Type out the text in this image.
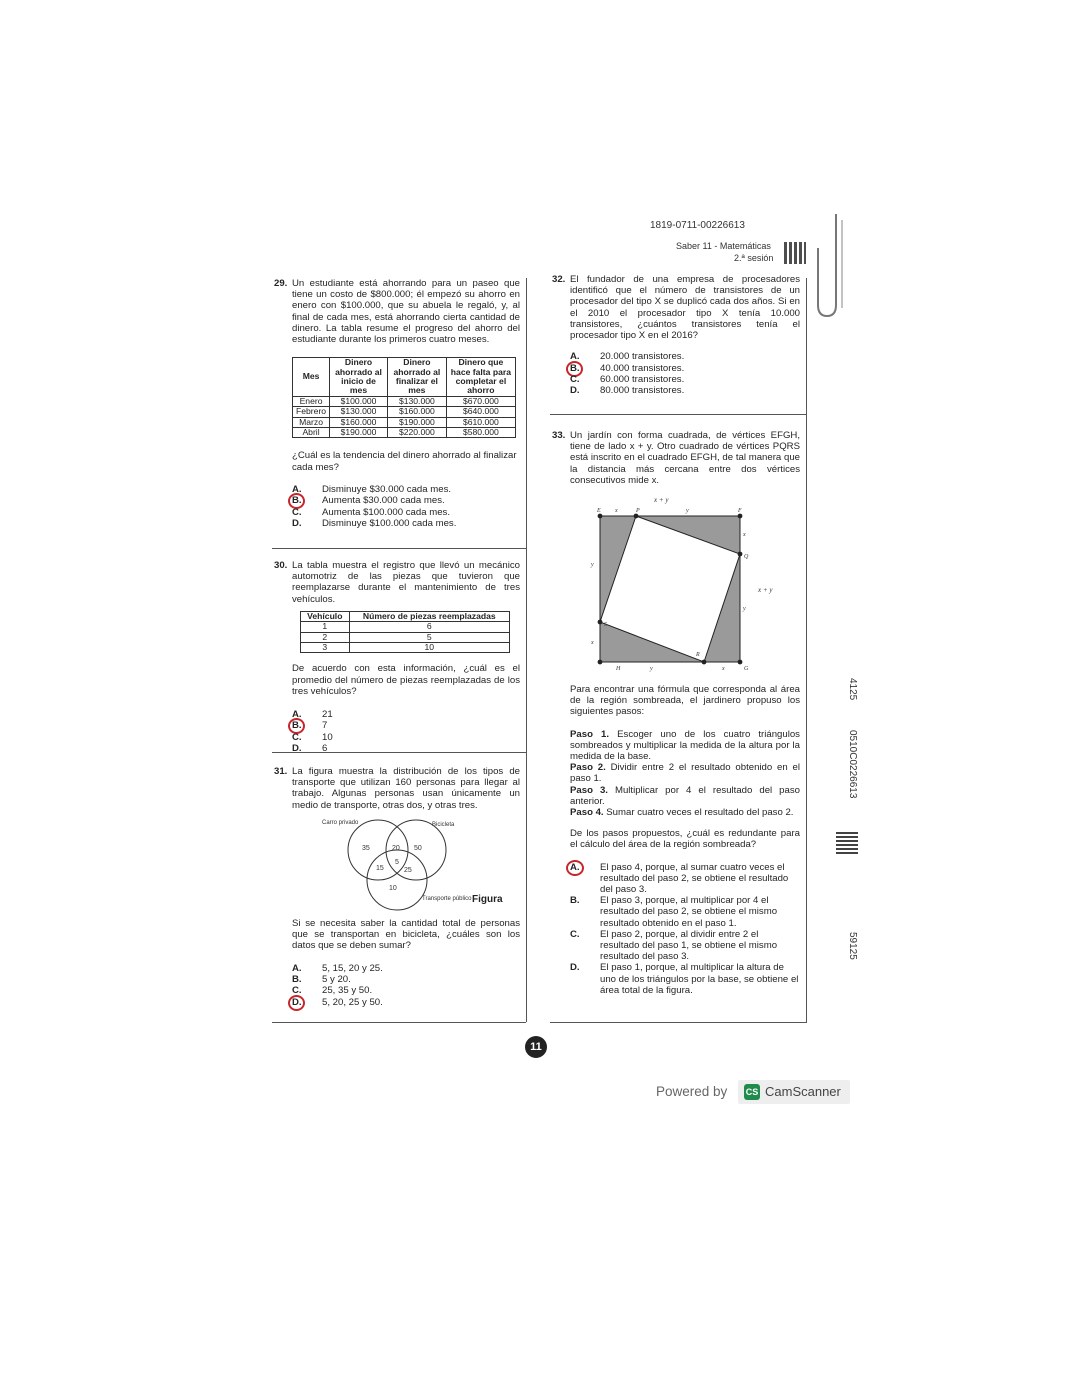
1819-0711-00226613
Saber 11 - Matemáticas
2.ª sesión
29. Un estudiante está ahorrando para un paseo que tiene un costo de $800.000; él empezó su ahorro en enero con $100.000, que su abuela le regaló, y, al final de cada mes, está ahorrando cierta cantidad de dinero. La tabla resume el progreso del ahorro del estudiante durante los primeros cuatro meses.
Mes	Dinero ahorrado al inicio de mes	Dinero ahorrado al finalizar el mes	Dinero que hace falta para completar el ahorro
Enero	$100.000	$130.000	$670.000
Febrero	$130.000	$160.000	$640.000
Marzo	$160.000	$190.000	$610.000
Abril	$190.000	$220.000	$580.000
¿Cuál es la tendencia del dinero ahorrado al finalizar cada mes?
A. Disminuye $30.000 cada mes.
B. Aumenta $30.000 cada mes.
C. Aumenta $100.000 cada mes.
D. Disminuye $100.000 cada mes.
30. La tabla muestra el registro que llevó un mecánico automotriz de las piezas que tuvieron que reemplazarse durante el mantenimiento de tres vehículos.
Vehículo	Número de piezas reemplazadas
1	6
2	5
3	10
De acuerdo con esta información, ¿cuál es el promedio del número de piezas reemplazadas de los tres vehículos?
A. 21
B. 7
C. 10
D. 6
31. La figura muestra la distribución de los tipos de transporte que utilizan 160 personas para llegar al trabajo. Algunas personas usan únicamente un medio de transporte, otras dos, y otras tres.
Carro privado	Bicicleta
Transporte público
35	20 50
5
15	25
10
Figura
Si se necesita saber la cantidad total de personas que se transportan en bicicleta, ¿cuáles son los datos que se deben sumar?
A. 5, 15, 20 y 25.
B. 5 y 20.
C. 25, 35 y 50.
D. 5, 20, 25 y 50.
32. El fundador de una empresa de procesadores identificó que el número de transistores de un procesador del tipo X se duplicó cada dos años. Si en el 2010 el procesador tipo X tenía 10.000 transistores, ¿cuántos transistores tenía el procesador tipo X en el 2016?
A. 20.000 transistores.
B. 40.000 transistores.
C. 60.000 transistores.
D. 80.000 transistores.
33. Un jardín con forma cuadrada, de vértices EFGH, tiene de lado x + y. Otro cuadrado de vértices PQRS está inscrito en el cuadrado EFGH, de tal manera que la distancia más cercana entre dos vértices consecutivos mide x.
x + y
x + y
E	F
G
H
P
Q
R
S
x	y
x
y
y	x
y
x
Para encontrar una fórmula que corresponda al área de la región sombreada, el jardinero propuso los siguientes pasos:
Paso 1. Escoger uno de los cuatro triángulos sombreados y multiplicar la medida de la altura por la medida de la base.
Paso 2. Dividir entre 2 el resultado obtenido en el paso 1.
Paso 3. Multiplicar por 4 el resultado del paso anterior.
Paso 4. Sumar cuatro veces el resultado del paso 2.
De los pasos propuestos, ¿cuál es redundante para el cálculo del área de la región sombreada?
A. El paso 4, porque, al sumar cuatro veces el resultado del paso 2, se obtiene el resultado del paso 3.
B. El paso 3, porque, al multiplicar por 4 el resultado del paso 2, se obtiene el mismo resultado obtenido en el paso 1.
C. El paso 2, porque, al dividir entre 2 el resultado del paso 1, se obtiene el mismo resultado del paso 3.
D. El paso 1, porque, al multiplicar la altura de uno de los triángulos por la base, se obtiene el área total de la figura.
4125
0510C0226613
59125
11
Powered by CS CamScanner
